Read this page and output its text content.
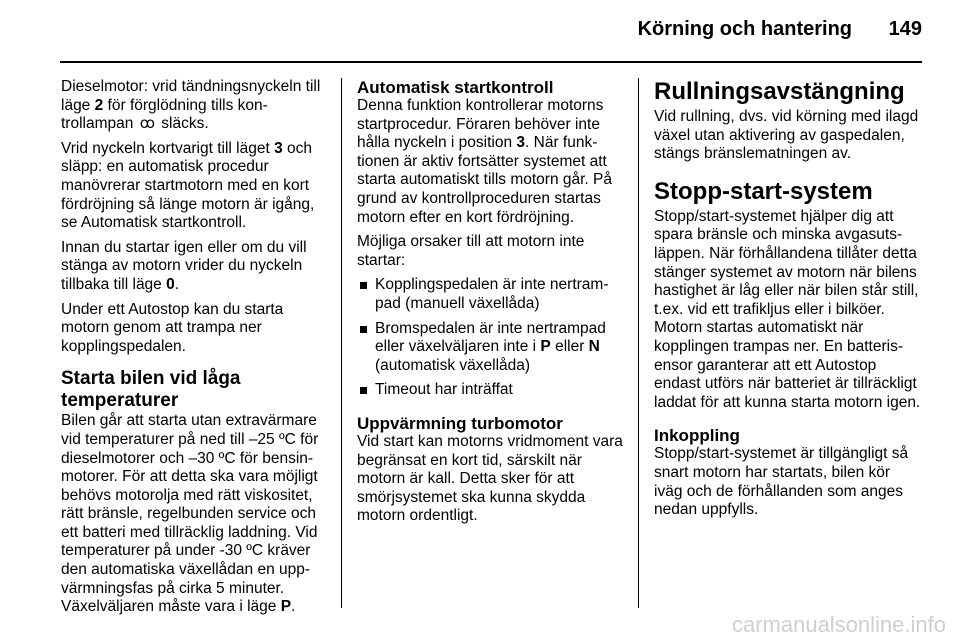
Körning och hantering 149

Dieselmotor: vrid tändningsnyckeln till läge 2 för förglödning tills kontrollampan ꝏ släcks.

Vrid nyckeln kortvarigt till läget 3 och släpp: en automatisk procedur manövrerar startmotorn med en kort fördröjning så länge motorn är igång, se Automatisk startkontroll.

Innan du startar igen eller om du vill stänga av motorn vrider du nyckeln tillbaka till läge 0.

Under ett Autostop kan du starta motorn genom att trampa ner kopplingspedalen.

Starta bilen vid låga temperaturer

Bilen går att starta utan extravärmare vid temperaturer på ned till –25 ºC för dieselmotorer och –30 ºC för bensinmotorer. För att detta ska vara möjligt behövs motorolja med rätt viskositet, rätt bränsle, regelbunden service och ett batteri med tillräcklig laddning. Vid temperaturer på under -30 ºC kräver den automatiska växellådan en uppvärmningsfas på cirka 5 minuter. Växelväljaren måste vara i läge P.

Automatisk startkontroll

Denna funktion kontrollerar motorns startprocedur. Föraren behöver inte hålla nyckeln i position 3. När funktionen är aktiv fortsätter systemet att starta automatiskt tills motorn går. På grund av kontrollproceduren startas motorn efter en kort fördröjning.

Möjliga orsaker till att motorn inte startar:

Kopplingspedalen är inte nertrampad (manuell växellåda)
Bromspedalen är inte nertrampad eller växelväljaren inte i P eller N (automatisk växellåda)
Timeout har inträffat
Uppvärmning turbomotor

Vid start kan motorns vridmoment vara begränsat en kort tid, särskilt när motorn är kall. Detta sker för att smörjsystemet ska kunna skydda motorn ordentligt.

Rullningsavstängning

Vid rullning, dvs. vid körning med ilagd växel utan aktivering av gaspedalen, stängs bränslematningen av.

Stopp-start-system

Stopp/start-systemet hjälper dig att spara bränsle och minska avgasutsläppen. När förhållandena tillåter detta stänger systemet av motorn när bilens hastighet är låg eller när bilen står still, t.ex. vid ett trafikljus eller i bilköer. Motorn startas automatiskt när kopplingen trampas ner. En batterisensor garanterar att ett Autostop endast utförs när batteriet är tillräckligt laddat för att kunna starta motorn igen.

Inkoppling

Stopp/start-systemet är tillgängligt så snart motorn har startats, bilen kör iväg och de förhållanden som anges nedan uppfylls.

carmanualsonline.info
